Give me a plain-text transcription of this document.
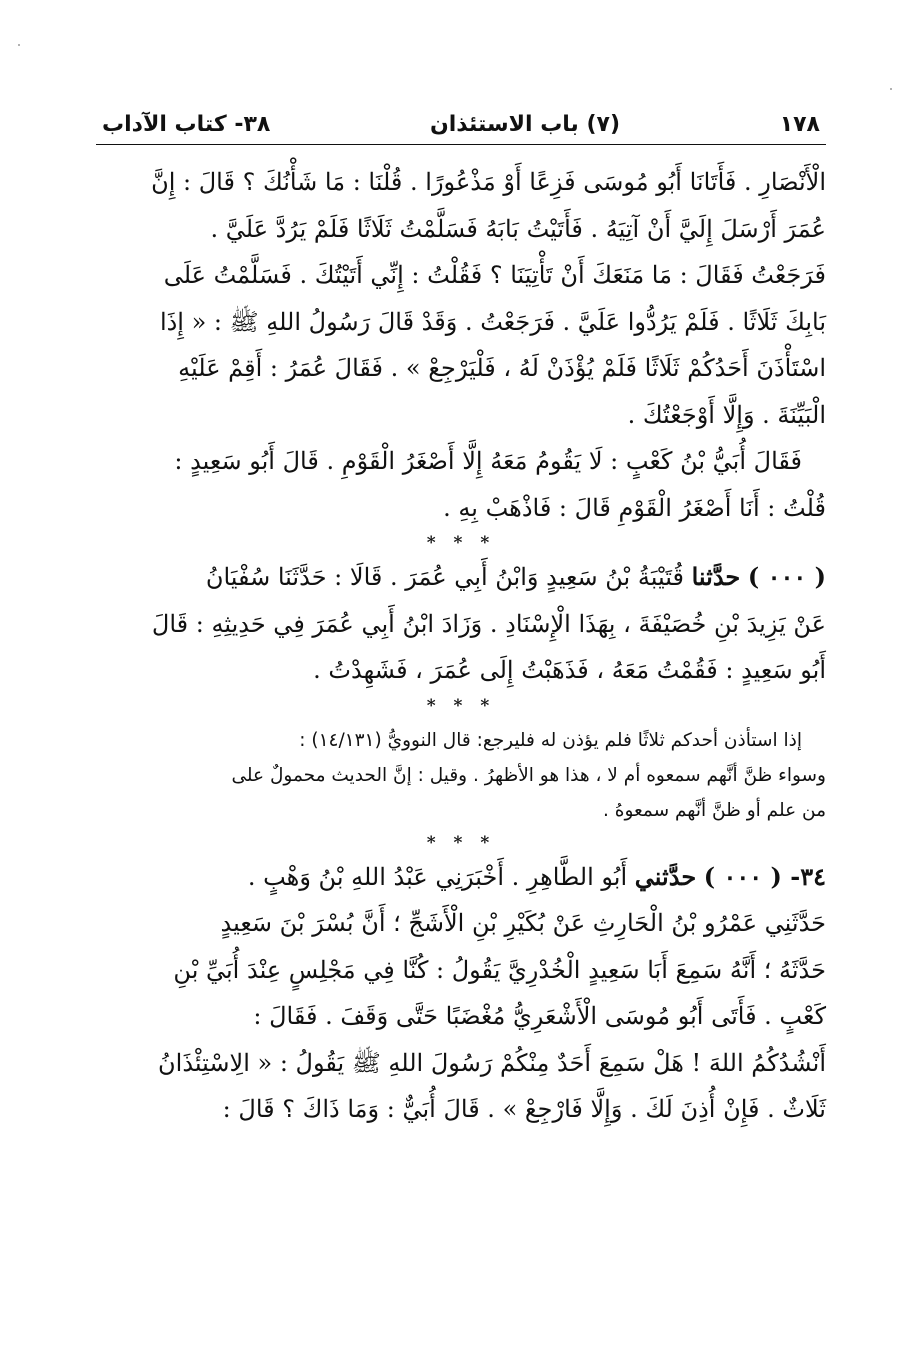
١٧٨
(٧) باب الاستئذان
٣٨- كتاب الآداب
الْأَنْصَارِ . فَأَتَانَا أَبُو مُوسَى فَزِعًا أَوْ مَذْعُورًا . قُلْنَا : مَا شَأْنُكَ ؟ قَالَ : إِنَّ
عُمَرَ أَرْسَلَ إِلَيَّ أَنْ آتِيَهُ . فَأَتَيْتُ بَابَهُ فَسَلَّمْتُ ثَلَاثًا فَلَمْ يَرُدَّ عَلَيَّ .
فَرَجَعْتُ فَقَالَ : مَا مَنَعَكَ أَنْ تَأْتِيَنَا ؟ فَقُلْتُ : إِنِّي أَتَيْتُكَ . فَسَلَّمْتُ عَلَى
بَابِكَ ثَلَاثًا . فَلَمْ يَرُدُّوا عَلَيَّ . فَرَجَعْتُ . وَقَدْ قَالَ رَسُولُ اللهِ ﷺ : « إِذَا
اسْتَأْذَنَ أَحَدُكُمْ ثَلَاثًا فَلَمْ يُؤْذَنْ لَهُ ، فَلْيَرْجِعْ » . فَقَالَ عُمَرُ : أَقِمْ عَلَيْهِ
الْبَيِّنَةَ . وَإِلَّا أَوْجَعْتُكَ .
فَقَالَ أُبَيُّ بْنُ كَعْبٍ : لَا يَقُومُ مَعَهُ إِلَّا أَصْغَرُ الْقَوْمِ . قَالَ أَبُو سَعِيدٍ :
قُلْتُ : أَنَا أَصْغَرُ الْقَوْمِ قَالَ : فَاذْهَبْ بِهِ .
* * *
( ٠٠٠ ) حدَّثنا قُتَيْبَةُ بْنُ سَعِيدٍ وَابْنُ أَبِي عُمَرَ . قَالَا : حَدَّثَنَا سُفْيَانُ
عَنْ يَزِيدَ بْنِ خُصَيْفَةَ ، بِهَذَا الْإِسْنَادِ . وَزَادَ ابْنُ أَبِي عُمَرَ فِي حَدِيثِهِ : قَالَ
أَبُو سَعِيدٍ : فَقُمْتُ مَعَهُ ، فَذَهَبْتُ إِلَى عُمَرَ ، فَشَهِدْتُ .
* * *
إذا استأذن أحدكم ثلاثًا فلم يؤذن له فليرجع: قال النوويُّ (١٤/١٣١) :
وسواء ظنَّ أنَّهم سمعوه أم لا ، هذا هو الأظهرُ . وقيل : إنَّ الحديث محمولٌ على
من علم أو ظنَّ أنَّهم سمعوهُ .
* * *
٣٤- ( ٠٠٠ ) حدَّثني أَبُو الطَّاهِرِ . أَخْبَرَنِي عَبْدُ اللهِ بْنُ وَهْبٍ .
حَدَّثَنِي عَمْرُو بْنُ الْحَارِثِ عَنْ بُكَيْرِ بْنِ الْأَشَجِّ ؛ أَنَّ بُسْرَ بْنَ سَعِيدٍ
حَدَّثَهُ ؛ أَنَّهُ سَمِعَ أَبَا سَعِيدٍ الْخُدْرِيَّ يَقُولُ : كُنَّا فِي مَجْلِسٍ عِنْدَ أُبَيِّ بْنِ
كَعْبٍ . فَأَتَى أَبُو مُوسَى الْأَشْعَرِيُّ مُغْضَبًا حَتَّى وَقَفَ . فَقَالَ :
أَنْشُدُكُمُ اللهَ ! هَلْ سَمِعَ أَحَدٌ مِنْكُمْ رَسُولَ اللهِ ﷺ يَقُولُ : « الِاسْتِئْذَانُ
ثَلَاثٌ . فَإِنْ أُذِنَ لَكَ . وَإِلَّا فَارْجِعْ » . قَالَ أُبَيٌّ : وَمَا ذَاكَ ؟ قَالَ :
